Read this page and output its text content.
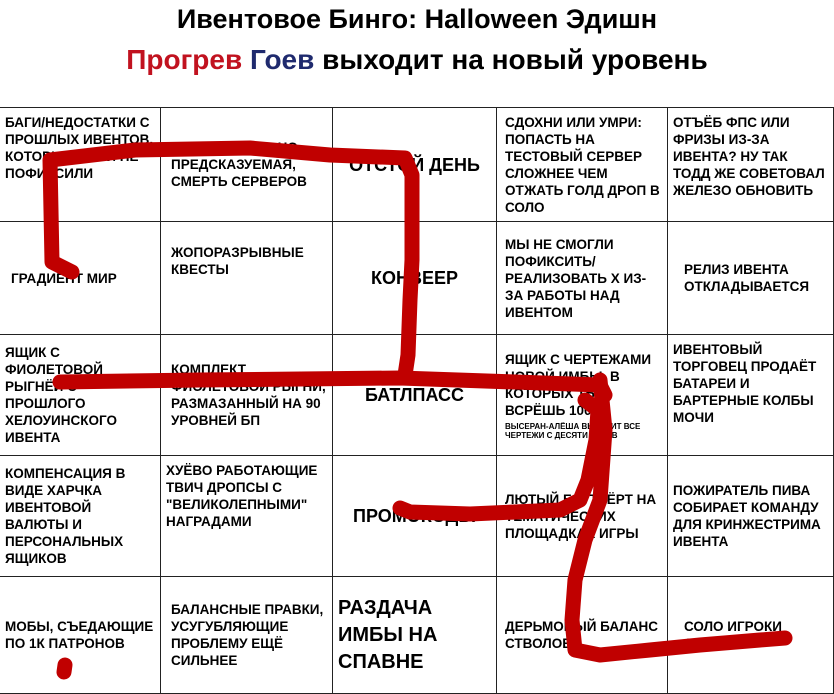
Ивентовое Бинго: Halloween Эдишн
Прогрев Гоев выходит на новый уровень
БАГИ/НЕДОСТАТКИ С ПРОШЛЫХ ИВЕНТОВ, КОТОРЫЕ ТАК И НЕ ПОФИКСИЛИ
ТРАГИЧЕСКАЯ, НО ПРЕДСКАЗУЕМАЯ, СМЕРТЬ СЕРВЕРОВ
ОТСТОЙ ДЕНЬ
СДОХНИ ИЛИ УМРИ: ПОПАСТЬ НА ТЕСТОВЫЙ СЕРВЕР СЛОЖНЕЕ ЧЕМ ОТЖАТЬ ГОЛД ДРОП В СОЛО
ОТЪЁБ ФПС ИЛИ ФРИЗЫ ИЗ-ЗА ИВЕНТА? НУ ТАК ТОДД ЖЕ СОВЕТОВАЛ ЖЕЛЕЗО ОБНОВИТЬ
ГРАДИЕНТ МИР
ЖОПОРАЗРЫВНЫЕ КВЕСТЫ	КОНВЕЕР
МЫ НЕ СМОГЛИ ПОФИКСИТЬ/РЕАЛИЗОВАТЬ Х ИЗ-ЗА РАБОТЫ НАД ИВЕНТОМ
РЕЛИЗ ИВЕНТА ОТКЛАДЫВАЕТСЯ
ЯЩИК С ФИОЛЕТОВОЙ РЫГНЁЙ С ПРОШЛОГО ХЕЛОУИНСКОГО ИВЕНТА
КОМПЛЕКТ ФИОЛЕТОВОЙ РЫГНИ, РАЗМАЗАННЫЙ НА 90 УРОВНЕЙ БП
БАТЛПАСС
ЯЩИК С ЧЕРТЕЖАМИ НОВОЙ ИМБЫ, В КОТОРЫХ ТЫ ВСРЁШЬ 100К
ВЫСЕРАН-АЛЁША ВЫКУПИТ ВСЕ ЧЕРТЕЖИ С ДЕСЯТИ АККОВ
ИВЕНТОВЫЙ ТОРГОВЕЦ ПРОДАЁТ БАТАРЕИ И БАРТЕРНЫЕ КОЛБЫ МОЧИ
КОМПЕНСАЦИЯ В ВИДЕ ХАРЧКА ИВЕНТОВОЙ ВАЛЮТЫ И ПЕРСОНАЛЬНЫХ ЯЩИКОВ
ХУЁВО РАБОТАЮЩИЕ ТВИЧ ДРОПСЫ С "ВЕЛИКОЛЕПНЫМИ" НАГРАДАМИ	ПРОМОКОДЫ
ЛЮТЫЙ БАТТХЁРТ НА ТЕМАТИЧЕСКИХ ПЛОЩАДКАХ ИГРЫ
ПОЖИРАТЕЛЬ ПИВА СОБИРАЕТ КОМАНДУ ДЛЯ КРИНЖЕСТРИМА ИВЕНТА
МОБЫ, СЪЕДАЮЩИЕ ПО 1К ПАТРОНОВ
БАЛАНСНЫЕ ПРАВКИ, УСУГУБЛЯЮЩИЕ ПРОБЛЕМУ ЕЩЁ СИЛЬНЕЕ
РАЗДАЧА ИМБЫ НА СПАВНЕ
ДЕРЬМОВЫЙ БАЛАНС СТВОЛОВ
СОЛО ИГРОКИ СОСНУТ
